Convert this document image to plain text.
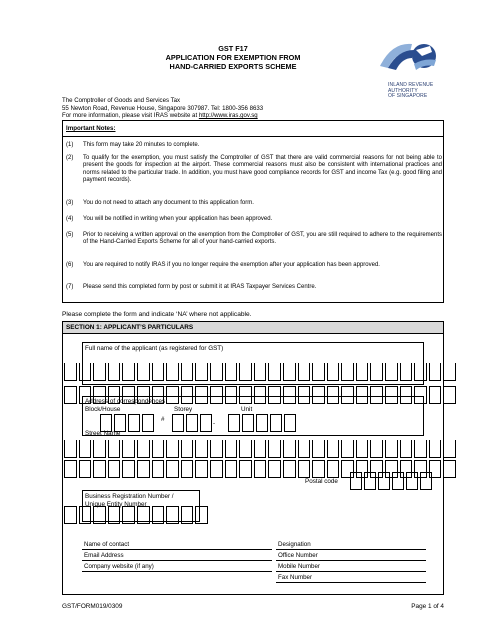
GST F17
APPLICATION FOR EXEMPTION FROM
HAND-CARRIED EXPORTS SCHEME
INLAND REVENUE
AUTHORITY
OF SINGAPORE
The Comptroller of Goods and Services Tax
55 Newton Road, Revenue House, Singapore 307987. Tel: 1800-356 8633
For more information, please visit IRAS website at http://www.iras.gov.sg
Important Notes:
(1)	This form may take 20 minutes to complete.
(2)	To qualify for the exemption, you must satisfy the Comptroller of GST that there are valid commercial reasons for not being able to present the goods for inspection at the airport. These commercial reasons must also be consistent with international practices and norms related to the particular trade. In addition, you must have good compliance records for GST and income Tax (e.g. good filing and payment records).
(3)	You do not need to attach any document to this application form.
(4)	You will be notified in writing when your application has been approved.
(5)	Prior to receiving a written approval on the exemption from the Comptroller of GST, you are still required to adhere to the requirements of the Hand-Carried Exports Scheme for all of your hand-carried exports.
(6)	You are required to notify IRAS if you no longer require the exemption after your application has been approved.
(7)	Please send this completed form by post or submit it at IRAS Taxpayer Services Centre.
Please complete the form and indicate ‘NA’ where not applicable.
SECTION 1: APPLICANT’S PARTICULARS
Full name of the applicant (as registered for GST)
Address of correspondences
Block/House	Storey	Unit
#
-
Street Name
Postal code
Business Registration Number /
Unique Entity Number
Name of contact	Designation
Email Address	Office Number
Company website (if any)	Mobile Number
Fax Number
GST/FORM019/0309	Page 1 of 4
